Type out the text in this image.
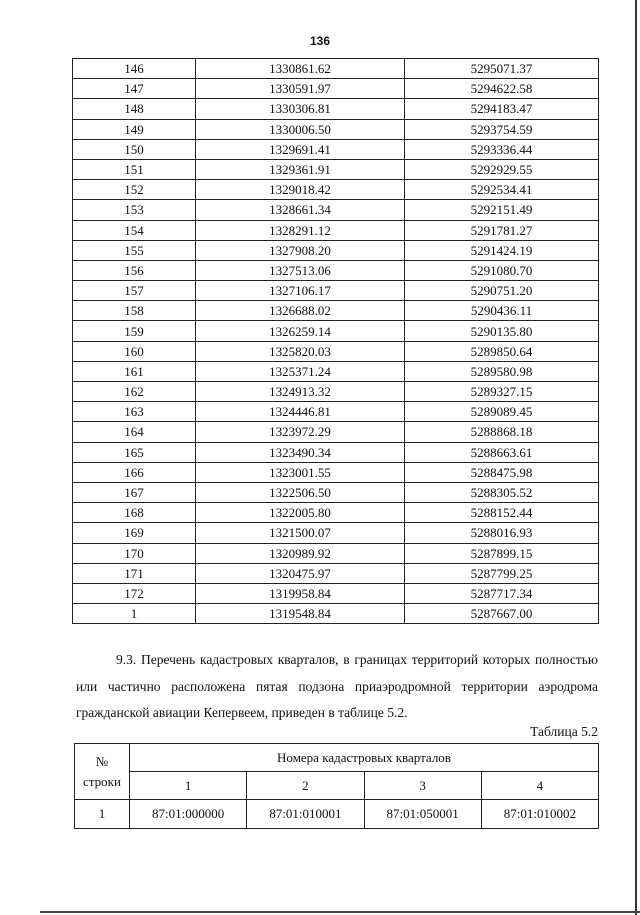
136
146	1330861.62	5295071.37
147	1330591.97	5294622.58
148	1330306.81	5294183.47
149	1330006.50	5293754.59
150	1329691.41	5293336.44
151	1329361.91	5292929.55
152	1329018.42	5292534.41
153	1328661.34	5292151.49
154	1328291.12	5291781.27
155	1327908.20	5291424.19
156	1327513.06	5291080.70
157	1327106.17	5290751.20
158	1326688.02	5290436.11
159	1326259.14	5290135.80
160	1325820.03	5289850.64
161	1325371.24	5289580.98
162	1324913.32	5289327.15
163	1324446.81	5289089.45
164	1323972.29	5288868.18
165	1323490.34	5288663.61
166	1323001.55	5288475.98
167	1322506.50	5288305.52
168	1322005.80	5288152.44
169	1321500.07	5288016.93
170	1320989.92	5287899.15
171	1320475.97	5287799.25
172	1319958.84	5287717.34
1	1319548.84	5287667.00
9.3. Перечень кадастровых кварталов, в границах территорий которых полностью или частично расположена пятая подзона приаэродромной территории аэродрома гражданской авиации Кепервеем, приведен в таблице 5.2.
Таблица 5.2
№
строки	Номера кадастровых кварталов			
	1	2	3	4
1	87:01:000000	87:01:010001	87:01:050001	87:01:010002
